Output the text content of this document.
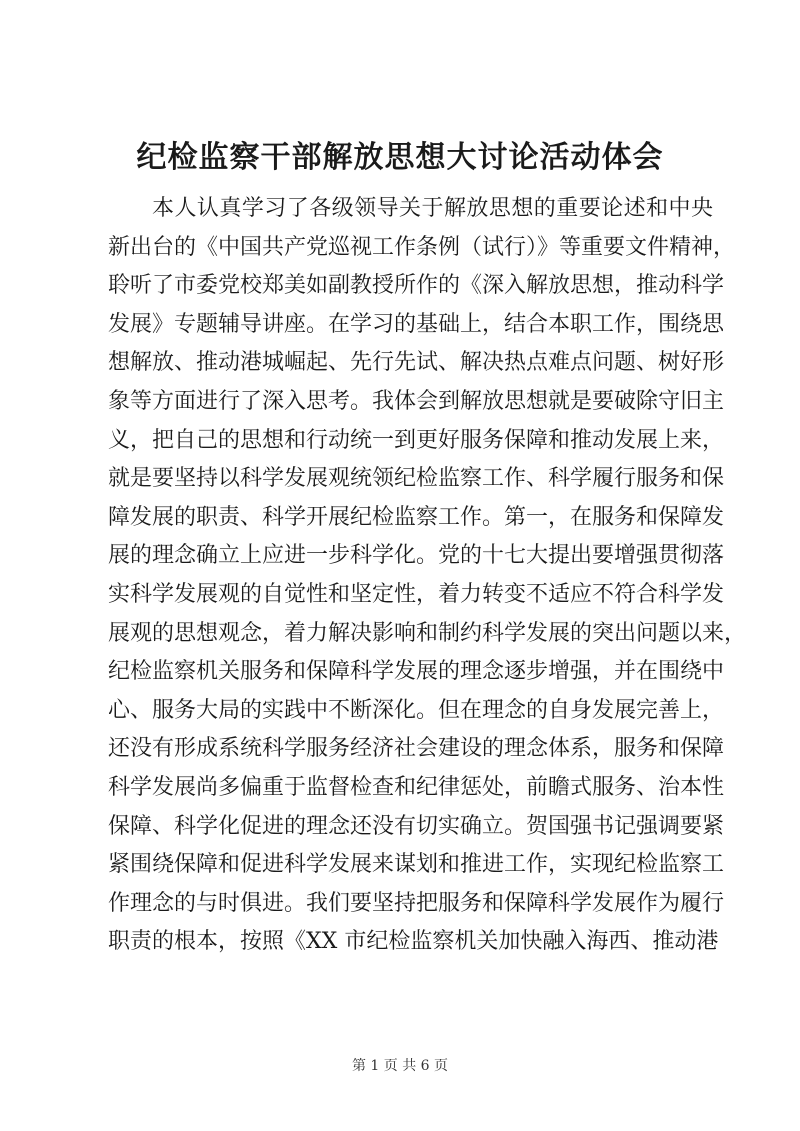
纪检监察干部解放思想大讨论活动体会
本人认真学习了各级领导关于解放思想的重要论述和中央
新出台的《中国共产党巡视工作条例（试行）》等重要文件精神，
聆听了市委党校郑美如副教授所作的《深入解放思想，推动科学
发展》专题辅导讲座。在学习的基础上，结合本职工作，围绕思
想解放、推动港城崛起、先行先试、解决热点难点问题、树好形
象等方面进行了深入思考。我体会到解放思想就是要破除守旧主
义，把自己的思想和行动统一到更好服务保障和推动发展上来，
就是要坚持以科学发展观统领纪检监察工作、科学履行服务和保
障发展的职责、科学开展纪检监察工作。第一，在服务和保障发
展的理念确立上应进一步科学化。党的十七大提出要增强贯彻落
实科学发展观的自觉性和坚定性，着力转变不适应不符合科学发
展观的思想观念，着力解决影响和制约科学发展的突出问题以来，
纪检监察机关服务和保障科学发展的理念逐步增强，并在围绕中
心、服务大局的实践中不断深化。但在理念的自身发展完善上，
还没有形成系统科学服务经济社会建设的理念体系，服务和保障
科学发展尚多偏重于监督检查和纪律惩处，前瞻式服务、治本性
保障、科学化促进的理念还没有切实确立。贺国强书记强调要紧
紧围绕保障和促进科学发展来谋划和推进工作，实现纪检监察工
作理念的与时俱进。我们要坚持把服务和保障科学发展作为履行
职责的根本，按照《XX 市纪检监察机关加快融入海西、推动港
第 1 页 共 6 页
